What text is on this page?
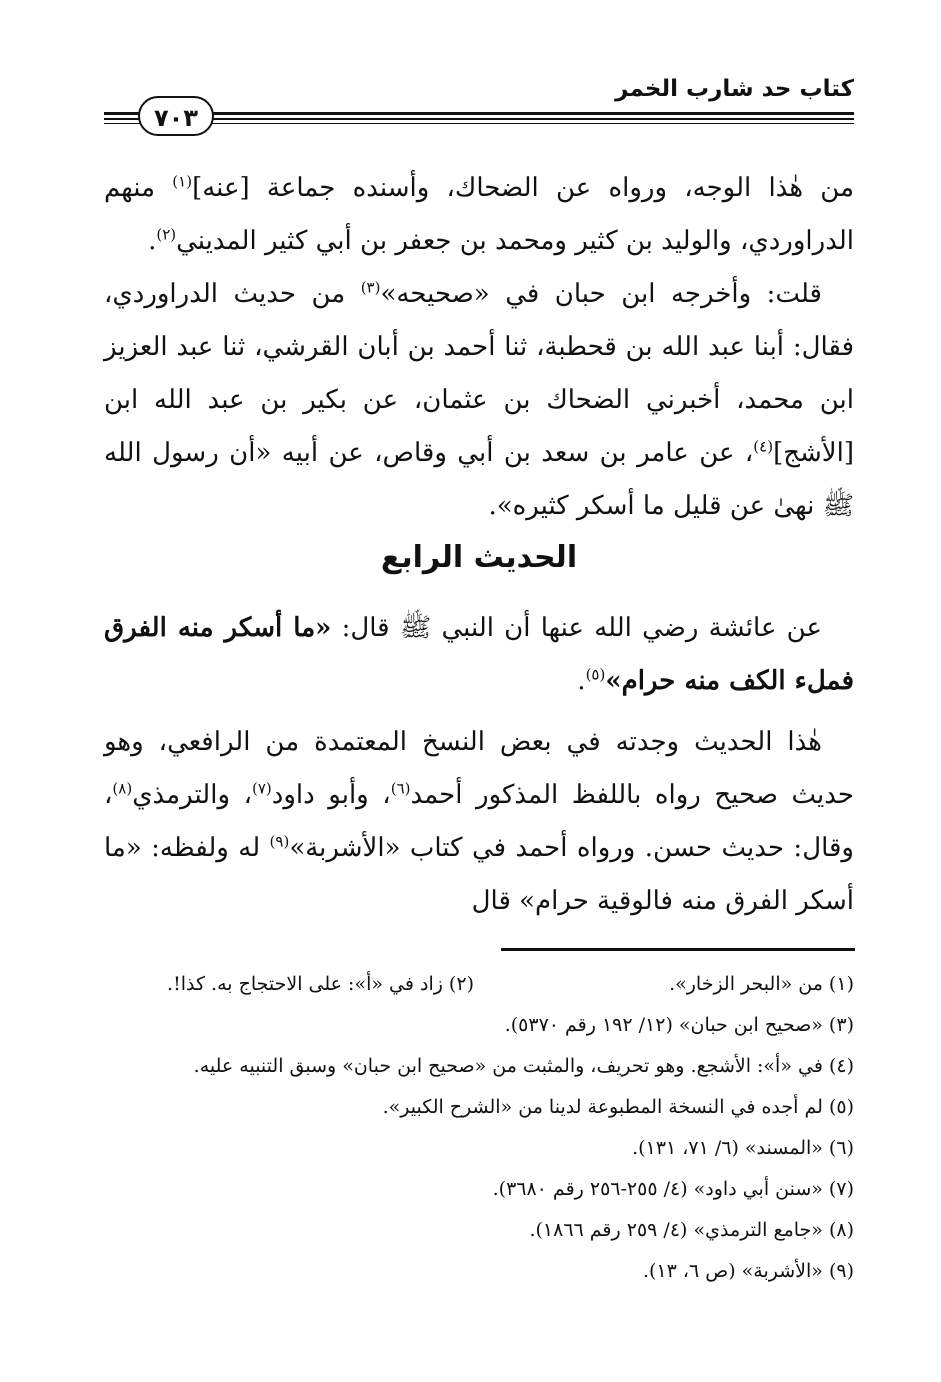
كتاب حد شارب الخمر
٧٠٣

من هٰذا الوجه، ورواه عن الضحاك، وأسنده جماعة [عنه]$^{(١)}$ منهم الدراوردي، والوليد بن كثير ومحمد بن جعفر بن أبي كثير المديني$^{(٢)}$.

قلت: وأخرجه ابن حبان في «صحيحه»$^{(٣)}$ من حديث الدراوردي، فقال: أبنا عبد الله بن قحطبة، ثنا أحمد بن أبان القرشي، ثنا عبد العزيز ابن محمد، أخبرني الضحاك بن عثمان، عن بكير بن عبد الله ابن [الأشج]$^{(٤)}$، عن عامر بن سعد بن أبي وقاص، عن أبيه «أن رسول الله ﷺ نهىٰ عن قليل ما أسكر كثيره».

الحديث الرابع

عن عائشة رضي الله عنها أن النبي ﷺ قال: «ما أسكر منه الفرق فملء الكف منه حرام»$^{(٥)}$.

هٰذا الحديث وجدته في بعض النسخ المعتمدة من الرافعي، وهو حديث صحيح رواه باللفظ المذكور أحمد$^{(٦)}$، وأبو داود$^{(٧)}$، والترمذي$^{(٨)}$، وقال: حديث حسن. ورواه أحمد في كتاب «الأشربة»$^{(٩)}$ له ولفظه: «ما أسكر الفرق منه فالوقية حرام» قال

(١) من «البحر الزخار».
(٢) زاد في «أ»: على الاحتجاج به. كذا!.
(٣) «صحيح ابن حبان» (١٢/ ١٩٢ رقم ٥٣٧٠).
(٤) في «أ»: الأشجع. وهو تحريف، والمثبت من «صحيح ابن حبان» وسبق التنبيه عليه.
(٥) لم أجده في النسخة المطبوعة لدينا من «الشرح الكبير».
(٦) «المسند» (٦/ ٧١، ١٣١).
(٧) «سنن أبي داود» (٤/ ٢٥٥-٢٥٦ رقم ٣٦٨٠).
(٨) «جامع الترمذي» (٤/ ٢٥٩ رقم ١٨٦٦).
(٩) «الأشربة» (ص ٦، ١٣).
